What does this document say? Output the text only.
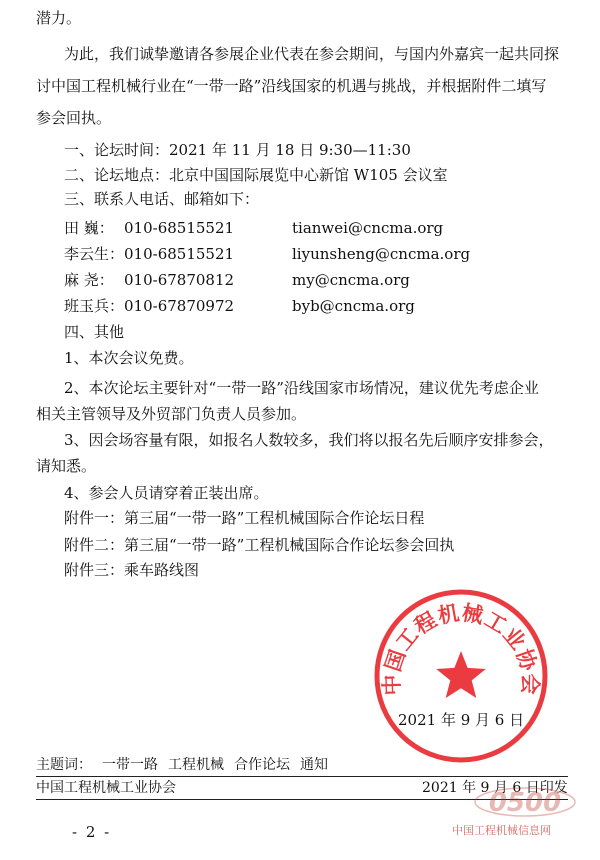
潜力。
为此，我们诚挚邀请各参展企业代表在参会期间，与国内外嘉宾一起共同探
讨中国工程机械行业在“一带一路”沿线国家的机遇与挑战，并根据附件二填写
参会回执。
一、论坛时间：2021 年 11 月 18 日 9:30—11:30
二、论坛地点：北京中国国际展览中心新馆 W105 会议室
三、联系人电话、邮箱如下：
田 巍： 010-68515521	tianwei@cncma.org
李云生：010-68515521	liyunsheng@cncma.org
麻 尧： 010-67870812	my@cncma.org
班玉兵：010-67870972	byb@cncma.org
四、其他
1、本次会议免费。
2、本次论坛主要针对“一带一路”沿线国家市场情况，建议优先考虑企业
相关主管领导及外贸部门负责人员参加。
3、因会场容量有限，如报名人数较多，我们将以报名先后顺序安排参会，
请知悉。
4、参会人员请穿着正装出席。
附件一：第三届“一带一路”工程机械国际合作论坛日程
附件二：第三届“一带一路”工程机械国际合作论坛参会回执
附件三：乘车路线图
中国工程机械工业协会
2021 年 9 月 6 日
主题词： 一带一路 工程机械 合作论坛 通知
中国工程机械工业协会	2021 年 9 月 6 日印发
- 2 -
0500
中国工程机械信息网
